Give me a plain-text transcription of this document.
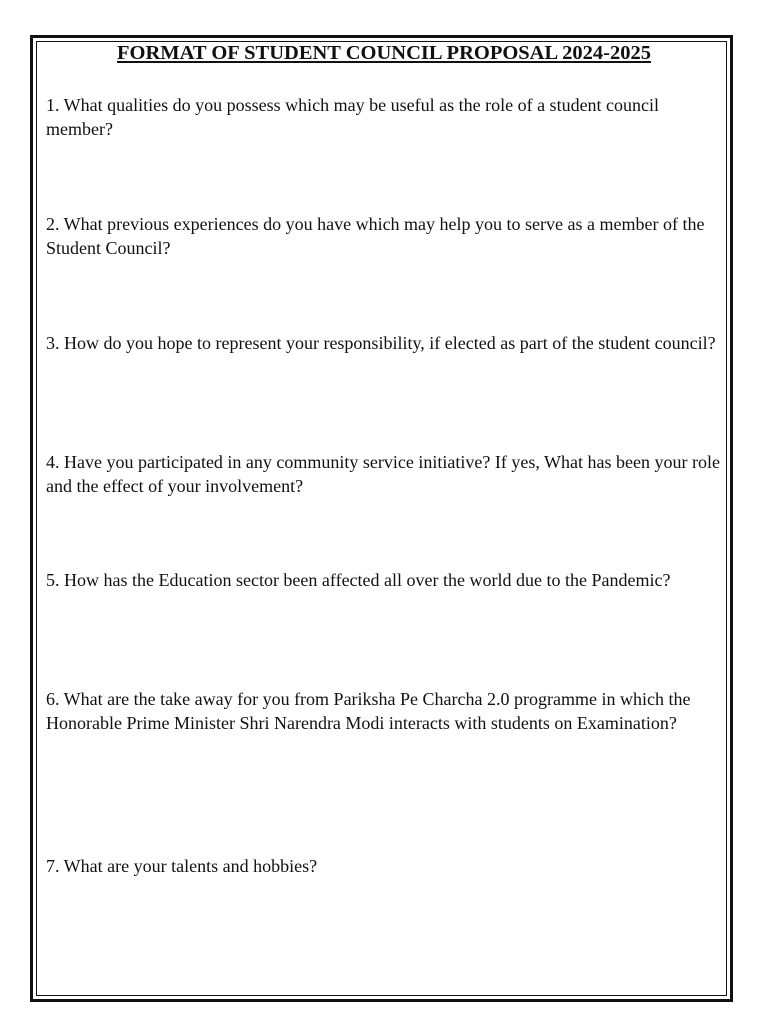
FORMAT OF STUDENT COUNCIL PROPOSAL 2024-2025

1. What qualities do you possess which may be useful as the role of a student council member?

2. What previous experiences do you have which may help you to serve as a member of the Student Council?

3. How do you hope to represent your responsibility, if elected as part of the student council?

4. Have you participated in any community service initiative? If yes, What has been your role and the effect of your involvement?

5. How has the Education sector been affected all over the world due to the Pandemic?

6. What are the take away for you from Pariksha Pe Charcha 2.0 programme in which the Honorable Prime Minister Shri Narendra Modi interacts with students on Examination?

7. What are your talents and hobbies?
